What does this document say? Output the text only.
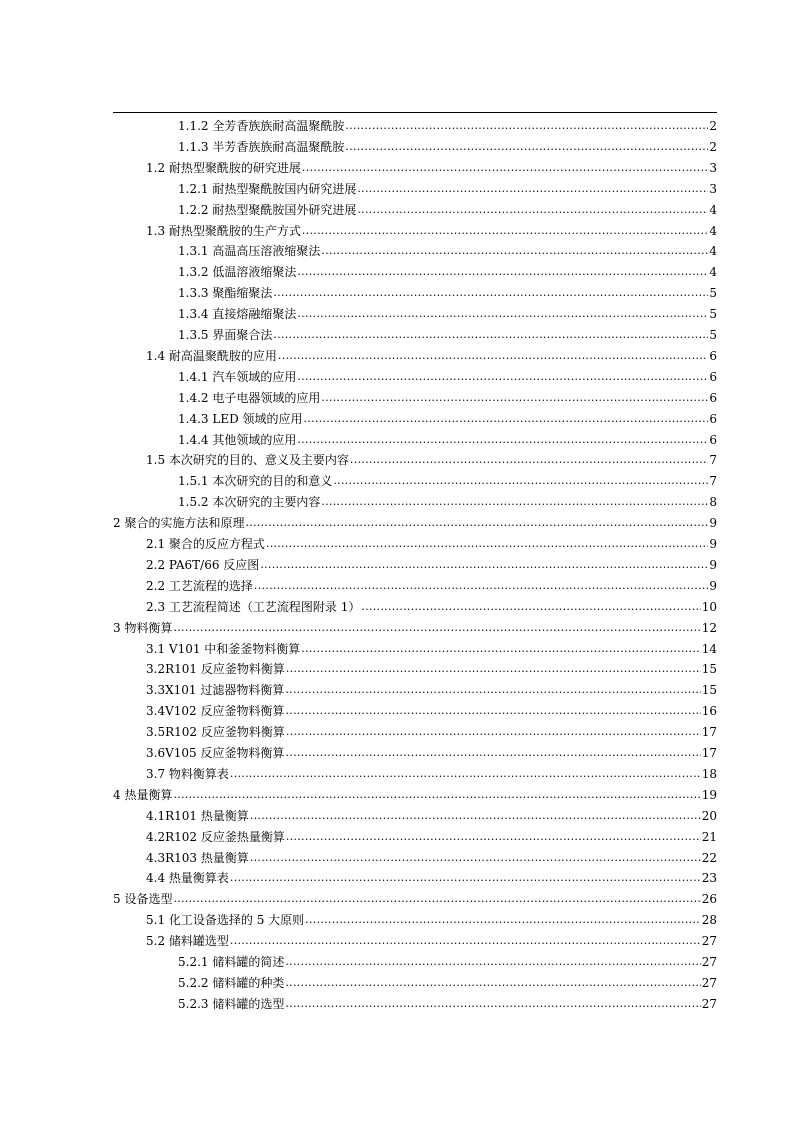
1.1.2 全芳香族族耐高温聚酰胺 .....	2
1.1.3 半芳香族族耐高温聚酰胺 .....	2
1.2 耐热型聚酰胺的研究进展 .....	3
1.2.1 耐热型聚酰胺国内研究进展 .....	3
1.2.2 耐热型聚酰胺国外研究进展 .....	4
1.3 耐热型聚酰胺的生产方式 .....	4
1.3.1 高温高压溶液缩聚法 .....	4
1.3.2 低温溶液缩聚法 .....	4
1.3.3 聚酯缩聚法 .....	5
1.3.4 直接熔融缩聚法 .....	5
1.3.5 界面聚合法 .....	5
1.4 耐高温聚酰胺的应用 .....	6
1.4.1 汽车领域的应用 .....	6
1.4.2 电子电器领域的应用 .....	6
1.4.3 LED 领域的应用 .....	6
1.4.4 其他领域的应用 .....	6
1.5 本次研究的目的、意义及主要内容 .....	7
1.5.1 本次研究的目的和意义 .....	7
1.5.2 本次研究的主要内容 .....	8
2 聚合的实施方法和原理 .....	9
2.1 聚合的反应方程式 .....	9
2.2 PA6T/66 反应图 .....	9
2.2 工艺流程的选择 .....	9
2.3 工艺流程简述（工艺流程图附录 1） .....	10
3 物料衡算 .....	12
3.1 V101 中和釜釜物料衡算 .....	14
3.2R101 反应釜物料衡算 .....	15
3.3X101 过滤器物料衡算 .....	15
3.4V102 反应釜物料衡算 .....	16
3.5R102 反应釜物料衡算 .....	17
3.6V105 反应釜物料衡算 .....	17
3.7 物料衡算表 .....	18
4 热量衡算 .....	19
4.1R101 热量衡算 .....	20
4.2R102 反应釜热量衡算 .....	21
4.3R103 热量衡算 .....	22
4.4 热量衡算表 .....	23
5 设备选型 .....	26
5.1 化工设备选择的 5 大原则 .....	28
5.2 储料罐选型 .....	27
5.2.1 储料罐的简述 .....	27
5.2.2 储料罐的种类 .....	27
5.2.3 储料罐的选型 .....	27
